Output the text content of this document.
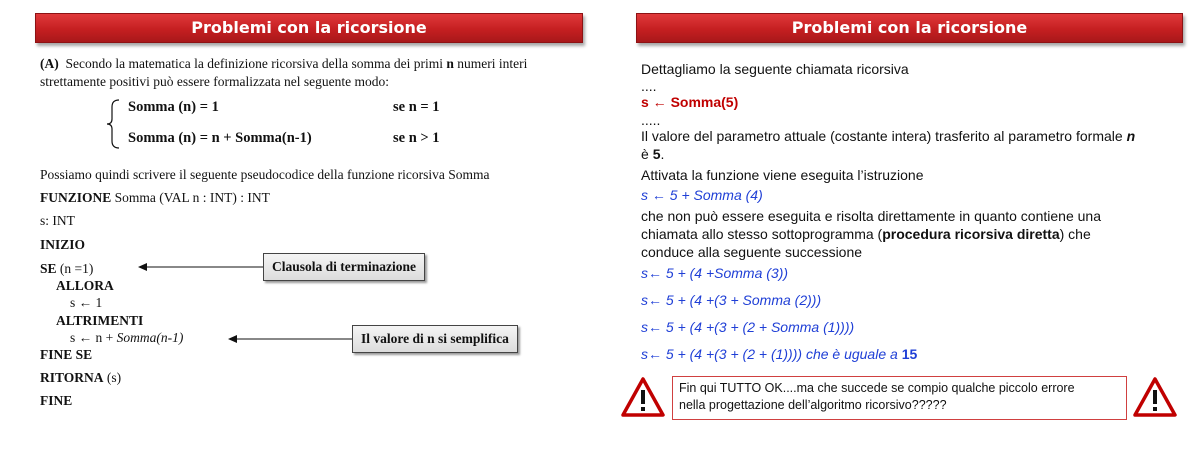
Problemi con la ricorsione
(A) Secondo la matematica la definizione ricorsiva della somma dei primi n numeri interi
strettamente positivi può essere formalizzata nel seguente modo:
Somma (n) = 1	se n = 1
Somma (n) = n + Somma(n-1)	se n > 1
Possiamo quindi scrivere il seguente pseudocodice della funzione ricorsiva Somma
FUNZIONE Somma (VAL n : INT) : INT
s: INT
INIZIO
SE (n =1)
ALLORA
s ← 1
ALTRIMENTI
s ← n + Somma(n-1)
FINE SE
RITORNA (s)
FINE
Clausola di terminazione
Il valore di n si semplifica
Problemi con la ricorsione
Dettagliamo la seguente chiamata ricorsiva
....
s ← Somma(5)
.....
Il valore del parametro attuale (costante intera) trasferito al parametro formale n
è 5.
Attivata la funzione viene eseguita l’istruzione
s ← 5 + Somma (4)
che non può essere eseguita e risolta direttamente in quanto contiene una
chiamata allo stesso sottoprogramma (procedura ricorsiva diretta) che
conduce alla seguente successione
s← 5 + (4 +Somma (3))
s← 5 + (4 +(3 + Somma (2)))
s← 5 + (4 +(3 + (2 + Somma (1))))
s← 5 + (4 +(3 + (2 + (1)))) che è uguale a 15
Fin qui TUTTO OK....ma che succede se compio qualche piccolo errore
nella progettazione dell’algoritmo ricorsivo?????
